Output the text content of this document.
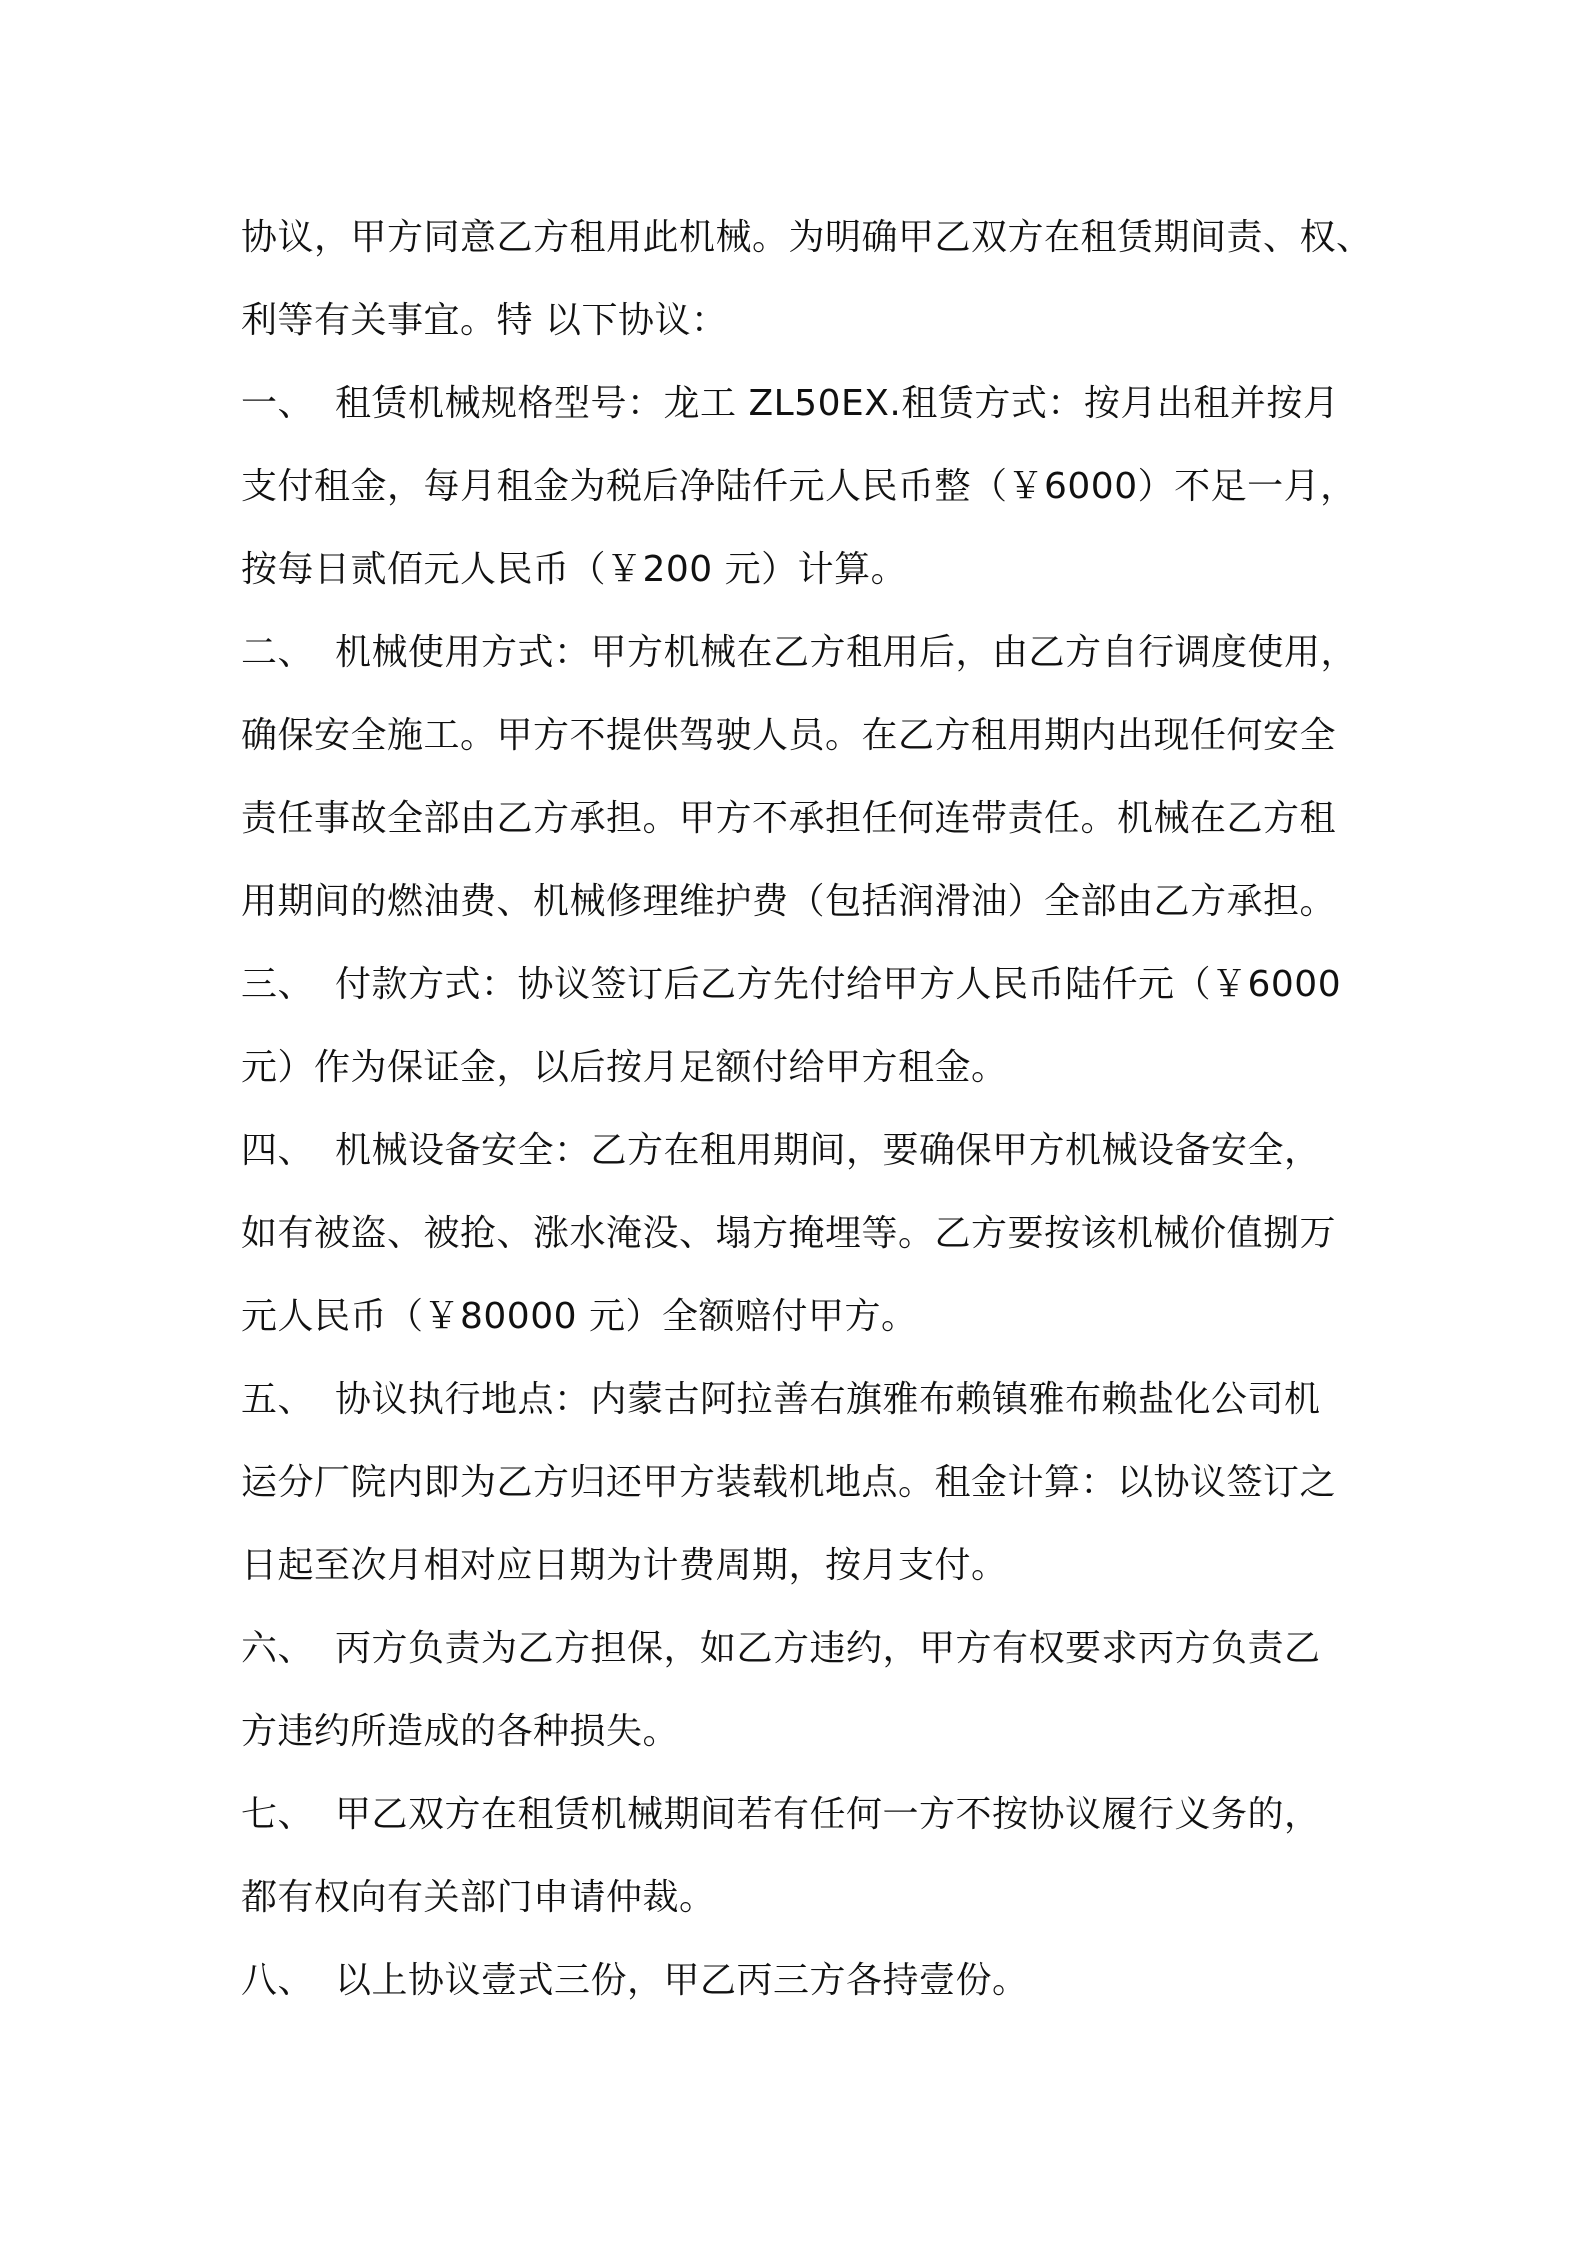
协议，甲方同意乙方租用此机械。为明确甲乙双方在租赁期间责、权、
利等有关事宜。特 以下协议：
一、 租赁机械规格型号：龙工 ZL50EX.租赁方式：按月出租并按月
支付租金，每月租金为税后净陆仟元人民币整（￥6000）不足一月，
按每日贰佰元人民币（￥200 元）计算。
二、 机械使用方式：甲方机械在乙方租用后，由乙方自行调度使用，
确保安全施工。甲方不提供驾驶人员。在乙方租用期内出现任何安全
责任事故全部由乙方承担。甲方不承担任何连带责任。机械在乙方租
用期间的燃油费、机械修理维护费（包括润滑油）全部由乙方承担。
三、 付款方式：协议签订后乙方先付给甲方人民币陆仟元（￥6000
元）作为保证金，以后按月足额付给甲方租金。
四、 机械设备安全：乙方在租用期间，要确保甲方机械设备安全，
如有被盗、被抢、涨水淹没、塌方掩埋等。乙方要按该机械价值捌万
元人民币（￥80000 元）全额赔付甲方。
五、 协议执行地点：内蒙古阿拉善右旗雅布赖镇雅布赖盐化公司机
运分厂院内即为乙方归还甲方装载机地点。租金计算：以协议签订之
日起至次月相对应日期为计费周期，按月支付。
六、 丙方负责为乙方担保，如乙方违约，甲方有权要求丙方负责乙
方违约所造成的各种损失。
七、 甲乙双方在租赁机械期间若有任何一方不按协议履行义务的，
都有权向有关部门申请仲裁。
八、 以上协议壹式三份，甲乙丙三方各持壹份。
